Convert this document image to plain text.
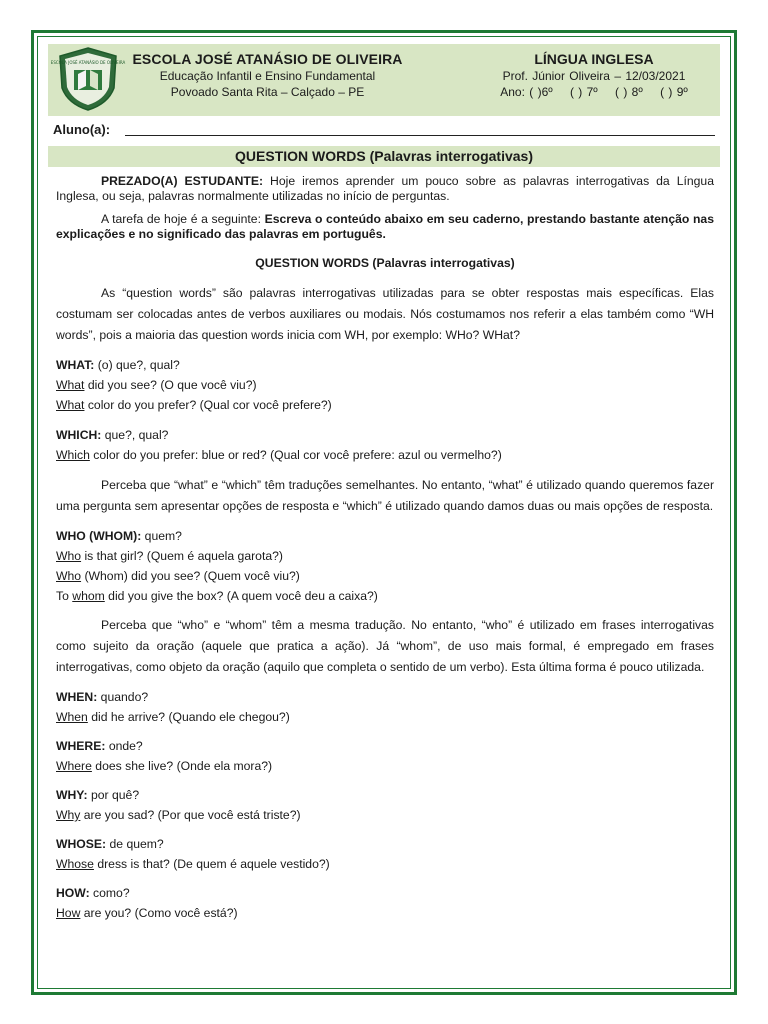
ESCOLA JOSÉ ATANÁSIO DE OLIVEIRA ESCOLA JOSÉ ATANÁSIO DE OLIVEIRA
Educação Infantil e Ensino Fundamental
Povoado Santa Rita – Calçado – PE
LÍNGUA INGLESA
Prof. Júnior Oliveira – 12/03/2021
Ano: ( )6º    ( ) 7º    ( ) 8º    ( ) 9º
Aluno(a):
QUESTION WORDS (Palavras interrogativas)

PREZADO(A) ESTUDANTE: Hoje iremos aprender um pouco sobre as palavras interrogativas da Língua Inglesa, ou seja, palavras normalmente utilizadas no início de perguntas.

A tarefa de hoje é a seguinte: Escreva o conteúdo abaixo em seu caderno, prestando bastante atenção nas explicações e no significado das palavras em português.

QUESTION WORDS (Palavras interrogativas)

As “question words” são palavras interrogativas utilizadas para se obter respostas mais específicas. Elas costumam ser colocadas antes de verbos auxiliares ou modais. Nós costumamos nos referir a elas também como “WH words”, pois a maioria das question words inicia com WH, por exemplo: WHo? WHat?

WHAT: (o) que?, qual?

What did you see? (O que você viu?)

What color do you prefer? (Qual cor você prefere?)

WHICH: que?, qual?

Which color do you prefer: blue or red? (Qual cor você prefere: azul ou vermelho?)

Perceba que “what” e “which” têm traduções semelhantes. No entanto, “what” é utilizado quando queremos fazer uma pergunta sem apresentar opções de resposta e “which” é utilizado quando damos duas ou mais opções de resposta.

WHO (WHOM): quem?

Who is that girl? (Quem é aquela garota?)

Who (Whom) did you see? (Quem você viu?)

To whom did you give the box? (A quem você deu a caixa?)

Perceba que “who” e “whom” têm a mesma tradução. No entanto, “who” é utilizado em frases interrogativas como sujeito da oração (aquele que pratica a ação). Já “whom”, de uso mais formal, é empregado em frases interrogativas, como objeto da oração (aquilo que completa o sentido de um verbo). Esta última forma é pouco utilizada.

WHEN: quando?

When did he arrive? (Quando ele chegou?)

WHERE: onde?

Where does she live? (Onde ela mora?)

WHY: por quê?

Why are you sad? (Por que você está triste?)

WHOSE: de quem?

Whose dress is that? (De quem é aquele vestido?)

HOW: como?

How are you? (Como você está?)
